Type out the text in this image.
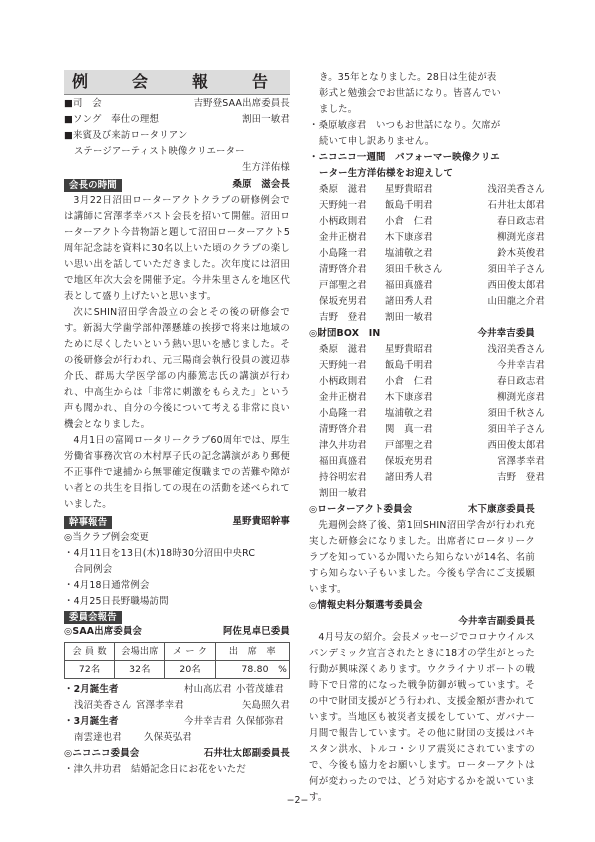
例　会　報　告
■司　会	吉野登SAA出席委員長
■ソング　奉仕の理想	割田一敏君
■来賓及び来訪ロータリアン
ステージアーティスト映像クリエーター
生方洋佑様
会長の時間	桑原　滋会長

3月22日沼田ローターアクトクラブの研修例会では講師に宮澤孝幸パスト会長を招いて開催。沼田ローターアクト今昔物語と題して沼田ローターアクト5周年記念誌を資料に30名以上いた頃のクラブの楽しい思い出を話していただきました。次年度には沼田で地区年次大会を開催予定。今井朱里さんを地区代表として盛り上げたいと思います。

次にSHIN沼田学舎設立の会とその後の研修会です。新潟大学歯学部仲澤懸雄の挨拶で将来は地域のために尽くしたいという熱い思いを感じました。その後研修会が行われ、元三陽商会執行役員の渡辺恭介氏、群馬大学医学部の内藤篤志氏の講演が行われ、中高生からは「非常に刺激をもらえた」という声も聞かれ、自分の今後について考える非常に良い機会となりました。

4月1日の富岡ロータリークラブ60周年では、厚生労働省事務次官の木村厚子氏の記念講演があり郵便不正事件で逮捕から無罪確定復職までの苦難や障がい者との共生を目指しての現在の活動を述べられていました。

幹事報告	星野貴昭幹事
◎当クラブ例会変更
・4月11日を13日(木)18時30分沼田中央RC
合同例会
・4月18日通常例会
・4月25日長野職場訪問
委員会報告
◎SAA出席委員会	阿佐見卓巳委員
会 員 数	会場出席	メ ー ク	出　席　率
72名	32名	20名	78.80　%
・2月誕生者	村山高広君 小菅茂雄君
浅沼美香さん 宮澤孝幸君	矢島照久君
・3月誕生者	今井幸吉君 久保郁弥君
南雲達也君	久保英弘君
◎ニコニコ委員会	石井壮太郎副委員長
・津久井功君　結婚記念日にお花をいただ
き。35年となりました。28日は生徒が表
彰式と勉強会でお世話になり。皆喜んでい
ました。
・桑原敏彦君　いつもお世話になり。欠席が
続いて申し訳ありません。
・ニコニコ一週間　パフォーマー映像クリエ
ーター生方洋佑様をお迎えして
桑原　滋君	星野貴昭君	浅沼美香さん
天野純一君	飯島千明君	石井壮太郎君
小柄政則君	小倉　仁君	春日政志君
金井正樹君	木下康彦君	柳渕光彦君
小島隆一君	塩浦敬之君	鈴木英俊君
清野啓介君	須田千秋さん	須田羊子さん
戸部聖之君	福田真盛君	西田俊太郎君
保坂充男君	諸田秀人君	山田龍之介君
吉野　登君	割田一敏君
◎財団BOX　IN	今井幸吉委員
桑原　滋君	星野貴昭君	浅沼美香さん
天野純一君	飯島千明君	今井幸吉君
小柄政則君	小倉　仁君	春日政志君
金井正樹君	木下康彦君	柳渕光彦君
小島隆一君	塩浦敬之君	須田千秋さん
清野啓介君	関　真一君	須田羊子さん
津久井功君	戸部聖之君	西田俊太郎君
福田真盛君	保坂充男君	宮澤孝幸君
持谷明宏君	諸田秀人君	吉野　登君
割田一敏君
◎ローターアクト委員会	木下康彦委員長

先週例会終了後、第1回SHIN沼田学舎が行われ充実した研修会になりました。出席者にロータリークラブを知っているか聞いたら知らないが14名、名前すら知らない子もいました。今後も学舎にご支援願います。

◎情報史料分類選考委員会
今井幸吉副委員長

4月号友の紹介。会長メッセージでコロナウイルスパンデミック宣言されたときに18才の学生がとった行動が興味深くあります。ウクライナリポートの戦時下で日常的になった戦争防御が戦っています。その中で財団支援がどう行われ、支援金額が書かれています。当地区も被災者支援をしていて、ガバナー月間で報告しています。その他に財団の支援はパキスタン洪水、トルコ・シリア震災にされていますので、今後も協力をお願いします。ローターアクトは何が変わったのでは、どう対応するかを説いています。

−2−
